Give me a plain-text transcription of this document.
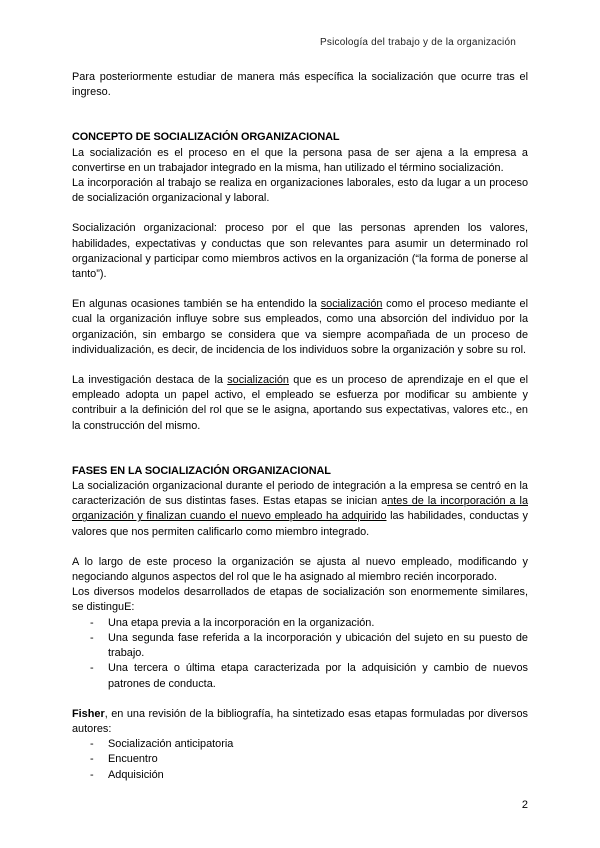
Psicología del trabajo y de la organización

Para posteriormente estudiar de manera más específica la socialización que ocurre tras el ingreso.

CONCEPTO DE SOCIALIZACIÓN ORGANIZACIONAL

La socialización es el proceso en el que la persona pasa de ser ajena a la empresa a convertirse en un trabajador integrado en la misma, han utilizado el término socialización.

La incorporación al trabajo se realiza en organizaciones laborales, esto da lugar a un proceso de socialización organizacional y laboral.

Socialización organizacional: proceso por el que las personas aprenden los valores, habilidades, expectativas y conductas que son relevantes para asumir un determinado rol organizacional y participar como miembros activos en la organización (“la forma de ponerse al tanto”).

En algunas ocasiones también se ha entendido la socialización como el proceso mediante el cual la organización influye sobre sus empleados, como una absorción del individuo por la organización, sin embargo se considera que va siempre acompañada de un proceso de individualización, es decir, de incidencia de los individuos sobre la organización y sobre su rol.

La investigación destaca de la socialización que es un proceso de aprendizaje en el que el empleado adopta un papel activo, el empleado se esfuerza por modificar su ambiente y contribuir a la definición del rol que se le asigna, aportando sus expectativas, valores etc., en la construcción del mismo.

FASES EN LA SOCIALIZACIÓN ORGANIZACIONAL

La socialización organizacional durante el periodo de integración a la empresa se centró en la caracterización de sus distintas fases. Estas etapas se inician antes de la incorporación a la organización y finalizan cuando el nuevo empleado ha adquirido las habilidades, conductas y valores que nos permiten calificarlo como miembro integrado.

A lo largo de este proceso la organización se ajusta al nuevo empleado, modificando y negociando algunos aspectos del rol que le ha asignado al miembro recién incorporado.

Los diversos modelos desarrollados de etapas de socialización son enormemente similares, se distinguE:

- Una etapa previa a la incorporación en la organización.
- Una segunda fase referida a la incorporación y ubicación del sujeto en su puesto de trabajo.
- Una tercera o última etapa caracterizada por la adquisición y cambio de nuevos patrones de conducta.

Fisher, en una revisión de la bibliografía, ha sintetizado esas etapas formuladas por diversos autores:

- Socialización anticipatoria
- Encuentro
- Adquisición
2
